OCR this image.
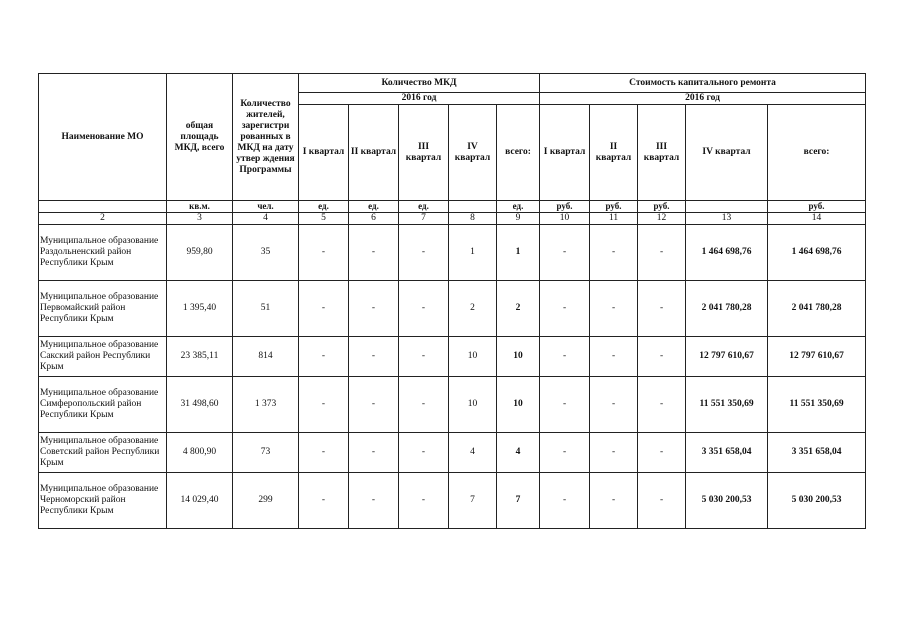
Наименование МО	общая площадь МКД, всего	Количество жителей, зарегистри рованных в МКД на дату утвер ждения Программы	Количество МКД					Стоимость капитального ремонта				
			2016 год					2016 год				
			I квартал	II квартал	III квартал	IV квартал	всего:	I квартал	II квартал	III квартал	IV квартал	всего:
	кв.м.	чел.	ед.	ед.	ед.		ед.	руб.	руб.	руб.		руб.
2	3	4	5	6	7	8	9	10	11	12	13	14
Муниципальное образование Раздольненский район Республики Крым	959,80	35	-	-	-	1	1	-	-	-	1 464 698,76	1 464 698,76
Муниципальное образование Первомайский район Республики Крым	1 395,40	51	-	-	-	2	2	-	-	-	2 041 780,28	2 041 780,28
Муниципальное образование Сакский район Республики Крым	23 385,11	814	-	-	-	10	10	-	-	-	12 797 610,67	12 797 610,67
Муниципальное образование Симферопольский район Республики Крым	31 498,60	1 373	-	-	-	10	10	-	-	-	11 551 350,69	11 551 350,69
Муниципальное образование Советский район Республики Крым	4 800,90	73	-	-	-	4	4	-	-	-	3 351 658,04	3 351 658,04
Муниципальное образование Черноморский район Республики Крым	14 029,40	299	-	-	-	7	7	-	-	-	5 030 200,53	5 030 200,53
